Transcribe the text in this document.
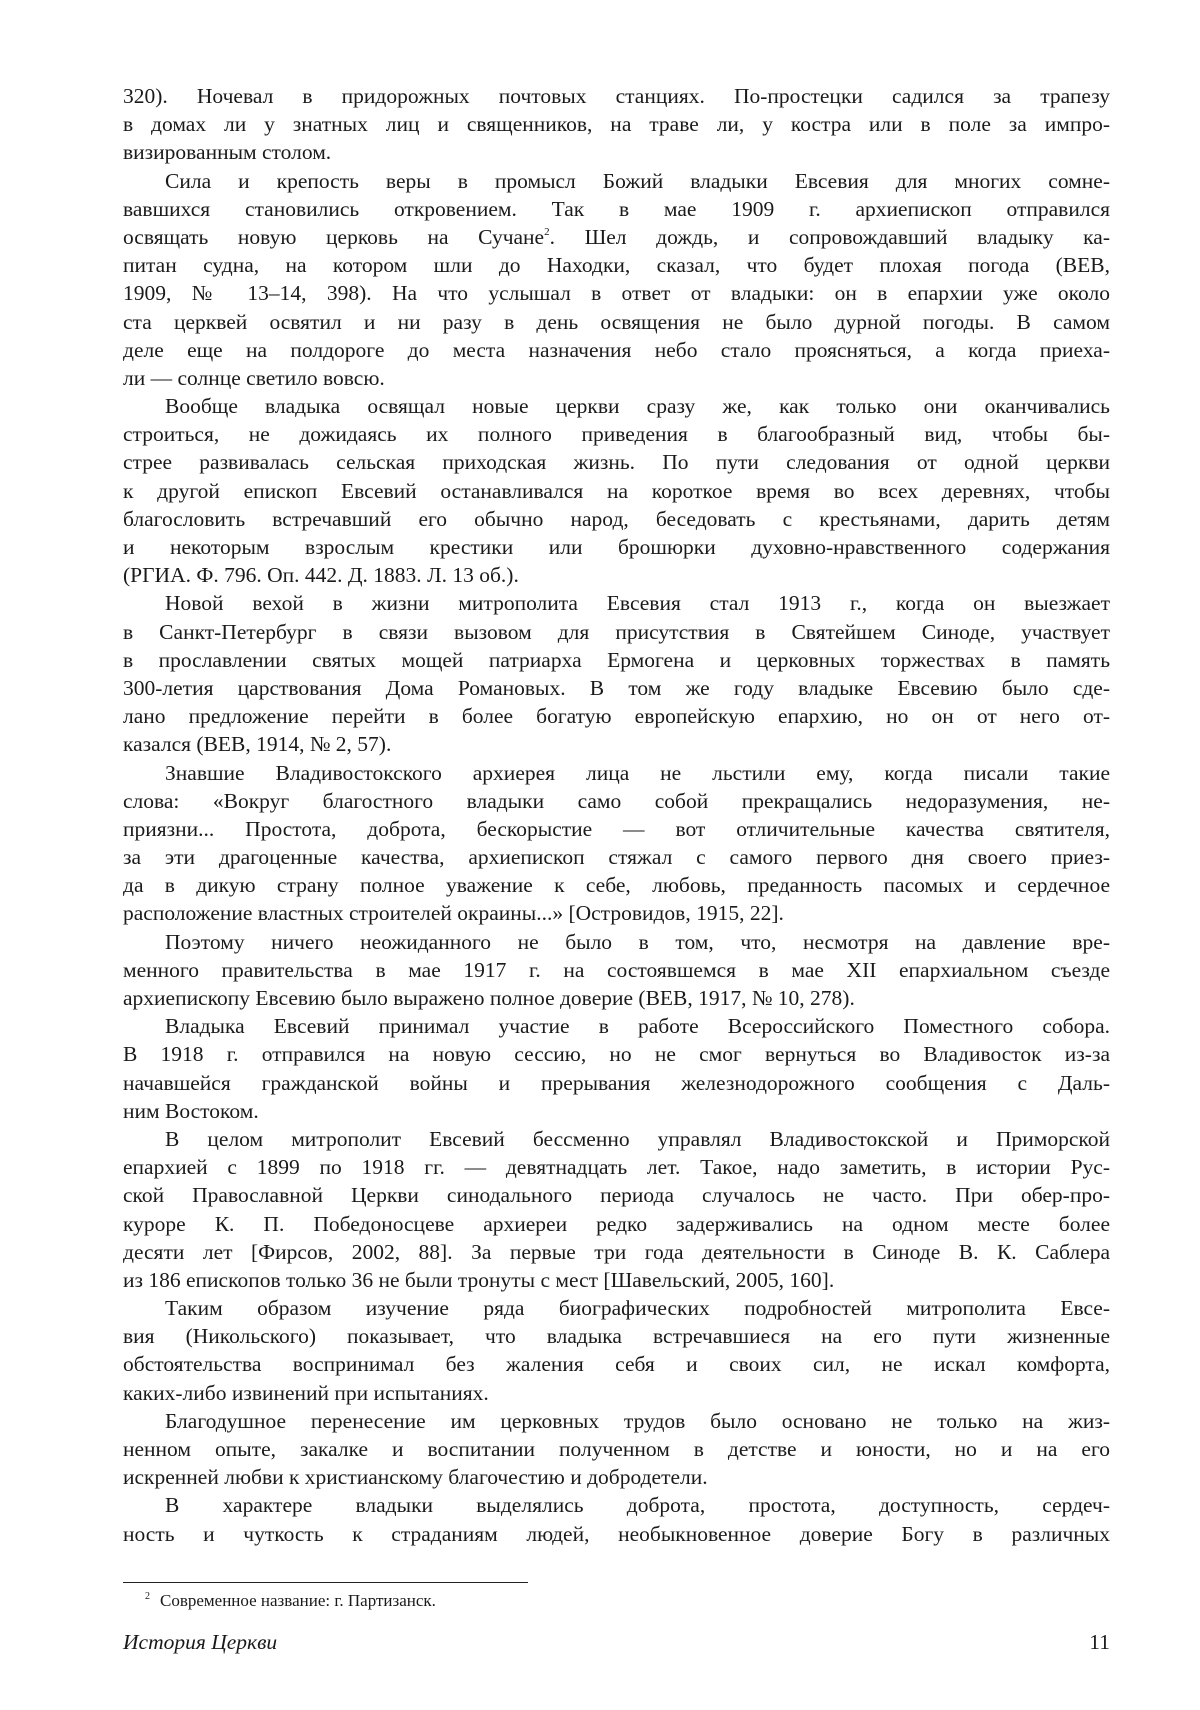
320). Ночевал в придорожных почтовых станциях. По-простецки садился за трапезу
в домах ли у знатных лиц и священников, на траве ли, у костра или в поле за импро-
визированным столом.
Сила и крепость веры в промысл Божий владыки Евсевия для многих сомне-
вавшихся становились откровением. Так в мае 1909 г. архиепископ отправился
освящать новую церковь на Сучане2. Шел дождь, и сопровождавший владыку ка-
питан судна, на котором шли до Находки, сказал, что будет плохая погода (ВЕВ,
1909, № 13–14, 398). На что услышал в ответ от владыки: он в епархии уже около
ста церквей освятил и ни разу в день освящения не было дурной погоды. В самом
деле еще на полдороге до места назначения небо стало проясняться, а когда приеха-
ли — солнце светило вовсю.
Вообще владыка освящал новые церкви сразу же, как только они оканчивались
строиться, не дожидаясь их полного приведения в благообразный вид, чтобы бы-
стрее развивалась сельская приходская жизнь. По пути следования от одной церкви
к другой епископ Евсевий останавливался на короткое время во всех деревнях, чтобы
благословить встречавший его обычно народ, беседовать с крестьянами, дарить детям
и некоторым взрослым крестики или брошюрки духовно-нравственного содержания
(РГИА. Ф. 796. Оп. 442. Д. 1883. Л. 13 об.).
Новой вехой в жизни митрополита Евсевия стал 1913 г., когда он выезжает
в Санкт-Петербург в связи вызовом для присутствия в Святейшем Синоде, участвует
в прославлении святых мощей патриарха Ермогена и церковных торжествах в память
300-летия царствования Дома Романовых. В том же году владыке Евсевию было сде-
лано предложение перейти в более богатую европейскую епархию, но он от него от-
казался (ВЕВ, 1914, № 2, 57).
Знавшие Владивостокского архиерея лица не льстили ему, когда писали такие
слова: «Вокруг благостного владыки само собой прекращались недоразумения, не-
приязни... Простота, доброта, бескорыстие — вот отличительные качества святителя,
за эти драгоценные качества, архиепископ стяжал с самого первого дня своего приез-
да в дикую страну полное уважение к себе, любовь, преданность пасомых и сердечное
расположение властных строителей окраины...» [Островидов, 1915, 22].
Поэтому ничего неожиданного не было в том, что, несмотря на давление вре-
менного правительства в мае 1917 г. на состоявшемся в мае XII епархиальном съезде
архиепископу Евсевию было выражено полное доверие (ВЕВ, 1917, № 10, 278).
Владыка Евсевий принимал участие в работе Всероссийского Поместного собора.
В 1918 г. отправился на новую сессию, но не смог вернуться во Владивосток из-за
начавшейся гражданской войны и прерывания железнодорожного сообщения с Даль-
ним Востоком.
В целом митрополит Евсевий бессменно управлял Владивостокской и Приморской
епархией с 1899 по 1918 гг. — девятнадцать лет. Такое, надо заметить, в истории Рус-
ской Православной Церкви синодального периода случалось не часто. При обер-про-
куроре К. П. Победоносцеве архиереи редко задерживались на одном месте более
десяти лет [Фирсов, 2002, 88]. За первые три года деятельности в Синоде В. К. Саблера
из 186 епископов только 36 не были тронуты с мест [Шавельский, 2005, 160].
Таким образом изучение ряда биографических подробностей митрополита Евсе-
вия (Никольского) показывает, что владыка встречавшиеся на его пути жизненные
обстоятельства воспринимал без жаления себя и своих сил, не искал комфорта,
каких-либо извинений при испытаниях.
Благодушное перенесение им церковных трудов было основано не только на жиз-
ненном опыте, закалке и воспитании полученном в детстве и юности, но и на его
искренней любви к христианскому благочестию и добродетели.
В характере владыки выделялись доброта, простота, доступность, сердеч-
ность и чуткость к страданиям людей, необыкновенное доверие Богу в различных
2 Современное название: г. Партизанск.
История Церкви	11
